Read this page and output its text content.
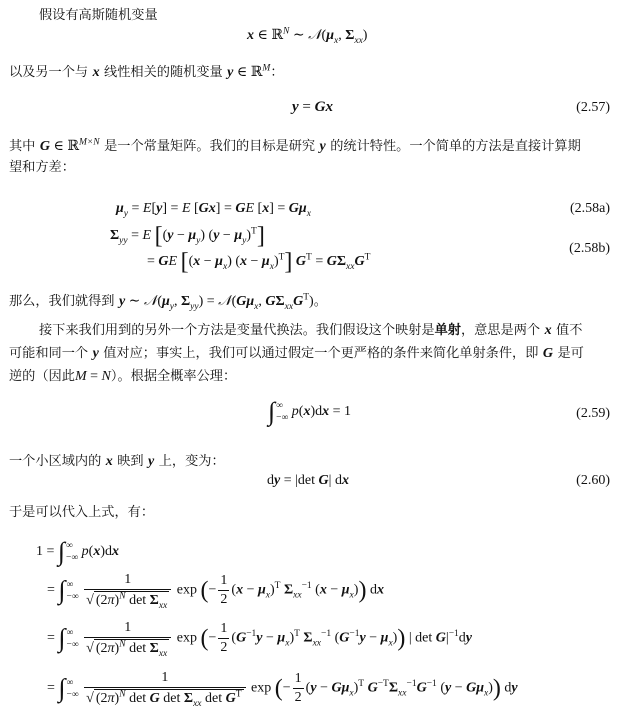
假设有高斯随机变量
x ∈ ℝ$^N$ ∼ $𝒩(\mu_x$, $\Sigma_{xx}$)
以及另一个与 x 线性相关的随机变量 y ∈ ℝ$^M$：
y = Gx	(2.57)
其中 G ∈ ℝ$^{M\times N}$ 是一个常量矩阵。我们的目标是研究 y 的统计特性。一个简单的方法是直接计算期
望和方差：
$\mu_y = E[y] = E$ [Gx] = GE $[x] = G\mu_x$	(2.58a)
$\Sigma_{yy} = E$ [$(y - \mu_y)$ $(y - \mu_y)^T$]
= GE [$(x - \mu_x)$ $(x - \mu_x)^T$] $G^T = G\Sigma_{xx}G^T$
(2.58b)
那么，我们就得到 y ∼ $𝒩(\mu_y$, $\Sigma_{yy}$) = $𝒩(G\mu_x$, $G\Sigma_{xx}G^T$)。
接下来我们用到的另外一个方法是变量代换法。我们假设这个映射是单射，意思是两个 x 值不
可能和同一个 y 值对应；事实上，我们可以通过假定一个更严格的条件来简化单射条件，即 G 是可
逆的（因此M = N）。根据全概率公理：
∫ ∞
−∞ p(x)dx = 1	(2.59)
一个小区域内的 x 映到 y 上，变为：
dy = |det G| dx	(2.60)
于是可以代入上式，有：
1 = ∫ ∞
−∞ p(x)dx
= ∫ ∞
−∞
$\frac{1}{√ (2\pi)^N \det \Sigma_{xx}}$ exp (− $\frac{1}{2} (x - \mu_x)^T$ $\Sigma_{xx}^{-1}$ $(x - \mu_x)$) dx
= ∫ ∞
−∞
$\frac{1}{√ (2\pi)^N \det \Sigma_{xx}}$ exp (− $\frac{1}{2} (G^{-1}y - \mu_x)^T$ $\Sigma_{xx}^{-1}$ $(G^{-1}y - \mu_x)$) | $\det G|^{-1}dy$
= ∫ ∞
−∞
$\frac{1}{√ (2\pi)^N \det G \det \Sigma_{xx} \det G^T}$ exp (− $\frac{1}{2} (y - G\mu_x)^T$ $G^{-T}\Sigma_{xx}^{-1}G^{-1}$ $(y - G\mu_x)$) dy
